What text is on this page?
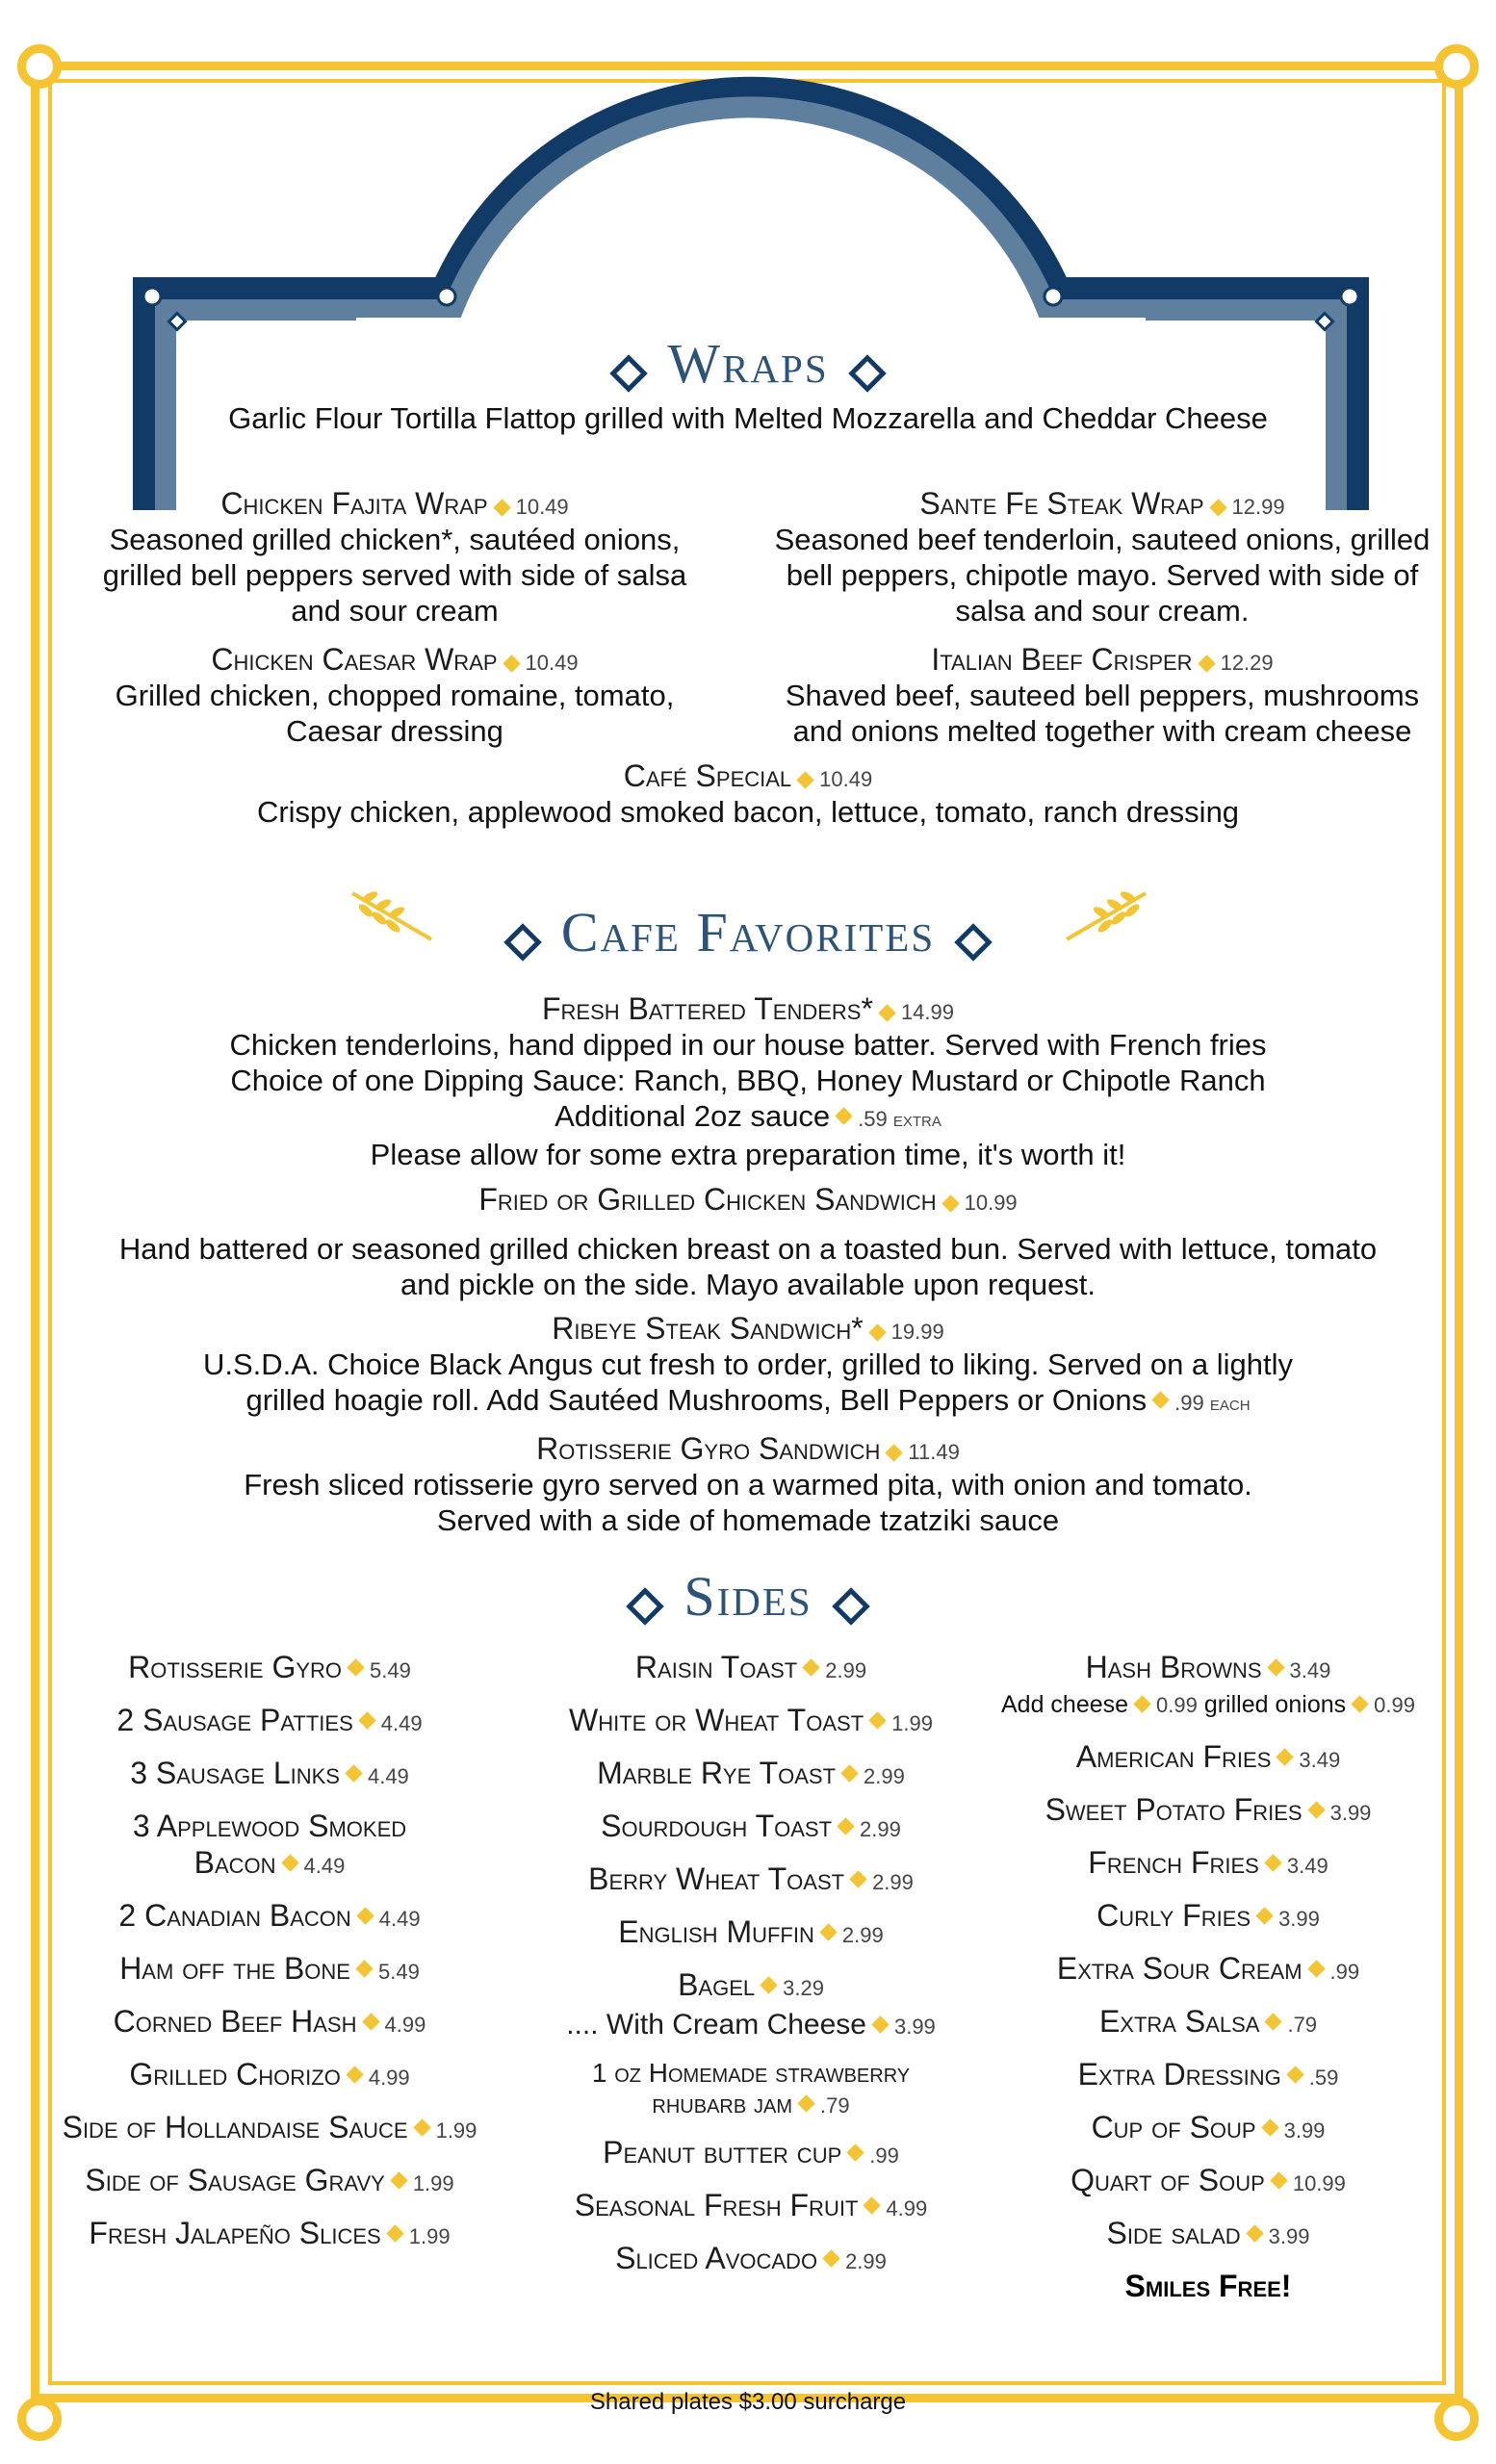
Wraps
Garlic Flour Tortilla Flattop grilled with Melted Mozzarella and Cheddar Cheese
Chicken Fajita Wrap 10.49
Seasoned grilled chicken*, sautéed onions, grilled bell peppers served with side of salsa and sour cream
Sante Fe Steak Wrap 12.99
Seasoned beef tenderloin, sauteed onions, grilled bell peppers, chipotle mayo. Served with side of salsa and sour cream.
Chicken Caesar Wrap 10.49
Grilled chicken, chopped romaine, tomato, Caesar dressing
Italian Beef Crisper 12.29
Shaved beef, sauteed bell peppers, mushrooms and onions melted together with cream cheese
Café Special 10.49
Crispy chicken, applewood smoked bacon, lettuce, tomato, ranch dressing
Cafe Favorites
Fresh Battered Tenders* 14.99
Chicken tenderloins, hand dipped in our house batter. Served with French fries
Choice of one Dipping Sauce: Ranch, BBQ, Honey Mustard or Chipotle Ranch
Additional 2oz sauce .59 extra
Please allow for some extra preparation time, it's worth it!
Fried or Grilled Chicken Sandwich 10.99
Hand battered or seasoned grilled chicken breast on a toasted bun. Served with lettuce, tomato
and pickle on the side. Mayo available upon request.
Ribeye Steak Sandwich* 19.99
U.S.D.A. Choice Black Angus cut fresh to order, grilled to liking. Served on a lightly
grilled hoagie roll. Add Sautéed Mushrooms, Bell Peppers or Onions .99 each
Rotisserie Gyro Sandwich 11.49
Fresh sliced rotisserie gyro served on a warmed pita, with onion and tomato.
Served with a side of homemade tzatziki sauce
Sides
Rotisserie Gyro 5.49
2 Sausage Patties 4.49
3 Sausage Links 4.49
3 Applewood Smoked
Bacon 4.49
2 Canadian Bacon 4.49
Ham off the Bone 5.49
Corned Beef Hash 4.99
Grilled Chorizo 4.99
Side of Hollandaise Sauce 1.99
Side of Sausage Gravy 1.99
Fresh Jalapeño Slices 1.99
Raisin Toast 2.99
White or Wheat Toast 1.99
Marble Rye Toast 2.99
Sourdough Toast 2.99
Berry Wheat Toast 2.99
English Muffin 2.99
Bagel 3.29
.... With Cream Cheese 3.99
1 oz Homemade strawberry
rhubarb jam .79
Peanut butter cup .99
Seasonal Fresh Fruit 4.99
Sliced Avocado 2.99
Hash Browns 3.49
Add cheese 0.99 grilled onions 0.99
American Fries 3.49
Sweet Potato Fries 3.99
French Fries 3.49
Curly Fries 3.99
Extra Sour Cream .99
Extra Salsa .79
Extra Dressing .59
Cup of Soup 3.99
Quart of Soup 10.99
Side salad 3.99
Smiles Free!
Shared plates $3.00 surcharge
